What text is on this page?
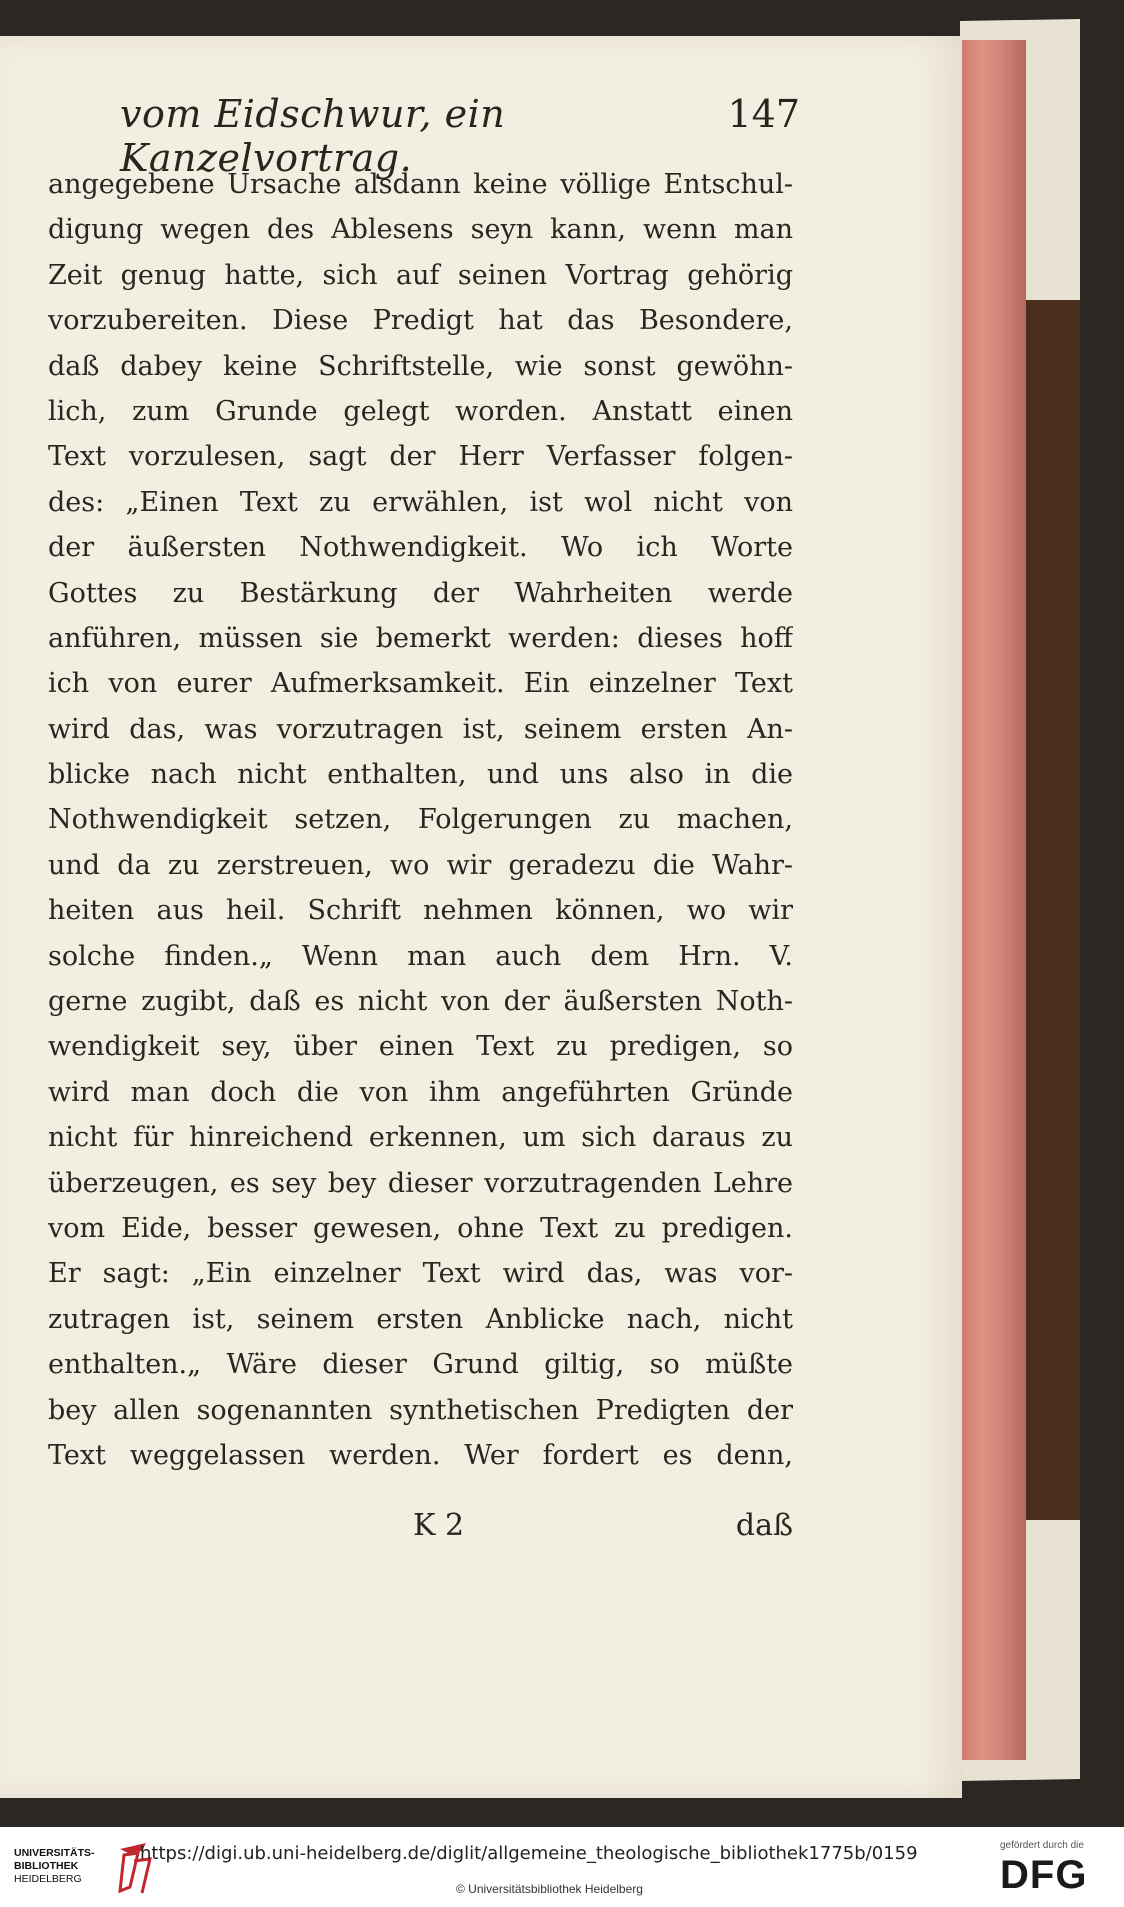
vom Eidschwur, ein Kanzelvortrag.
147
angegebene Ursache alsdann keine völlige Entschul-
digung wegen des Ablesens seyn kann, wenn man
Zeit genug hatte, sich auf seinen Vortrag gehörig
vorzubereiten. Diese Predigt hat das Besondere,
daß dabey keine Schriftstelle, wie sonst gewöhn-
lich, zum Grunde gelegt worden. Anstatt einen
Text vorzulesen, sagt der Herr Verfasser folgen-
des: „Einen Text zu erwählen, ist wol nicht von
der äußersten Nothwendigkeit. Wo ich Worte
Gottes zu Bestärkung der Wahrheiten werde
anführen, müssen sie bemerkt werden: dieses hoff
ich von eurer Aufmerksamkeit. Ein einzelner Text
wird das, was vorzutragen ist, seinem ersten An-
blicke nach nicht enthalten, und uns also in die
Nothwendigkeit setzen, Folgerungen zu machen,
und da zu zerstreuen, wo wir geradezu die Wahr-
heiten aus heil. Schrift nehmen können, wo wir
solche finden.„ Wenn man auch dem Hrn. V.
gerne zugibt, daß es nicht von der äußersten Noth-
wendigkeit sey, über einen Text zu predigen, so
wird man doch die von ihm angeführten Gründe
nicht für hinreichend erkennen, um sich daraus zu
überzeugen, es sey bey dieser vorzutragenden Lehre
vom Eide, besser gewesen, ohne Text zu predigen.
Er sagt: „Ein einzelner Text wird das, was vor-
zutragen ist, seinem ersten Anblicke nach, nicht
enthalten.„ Wäre dieser Grund giltig, so müßte
bey allen sogenannten synthetischen Predigten der
Text weggelassen werden. Wer fordert es denn,
K 2	daß
UNIVERSITÄTS-
BIBLIOTHEK
HEIDELBERG
https://digi.ub.uni-heidelberg.de/diglit/allgemeine_theologische_bibliothek1775b/0159
© Universitätsbibliothek Heidelberg
gefördert durch die
DFG
